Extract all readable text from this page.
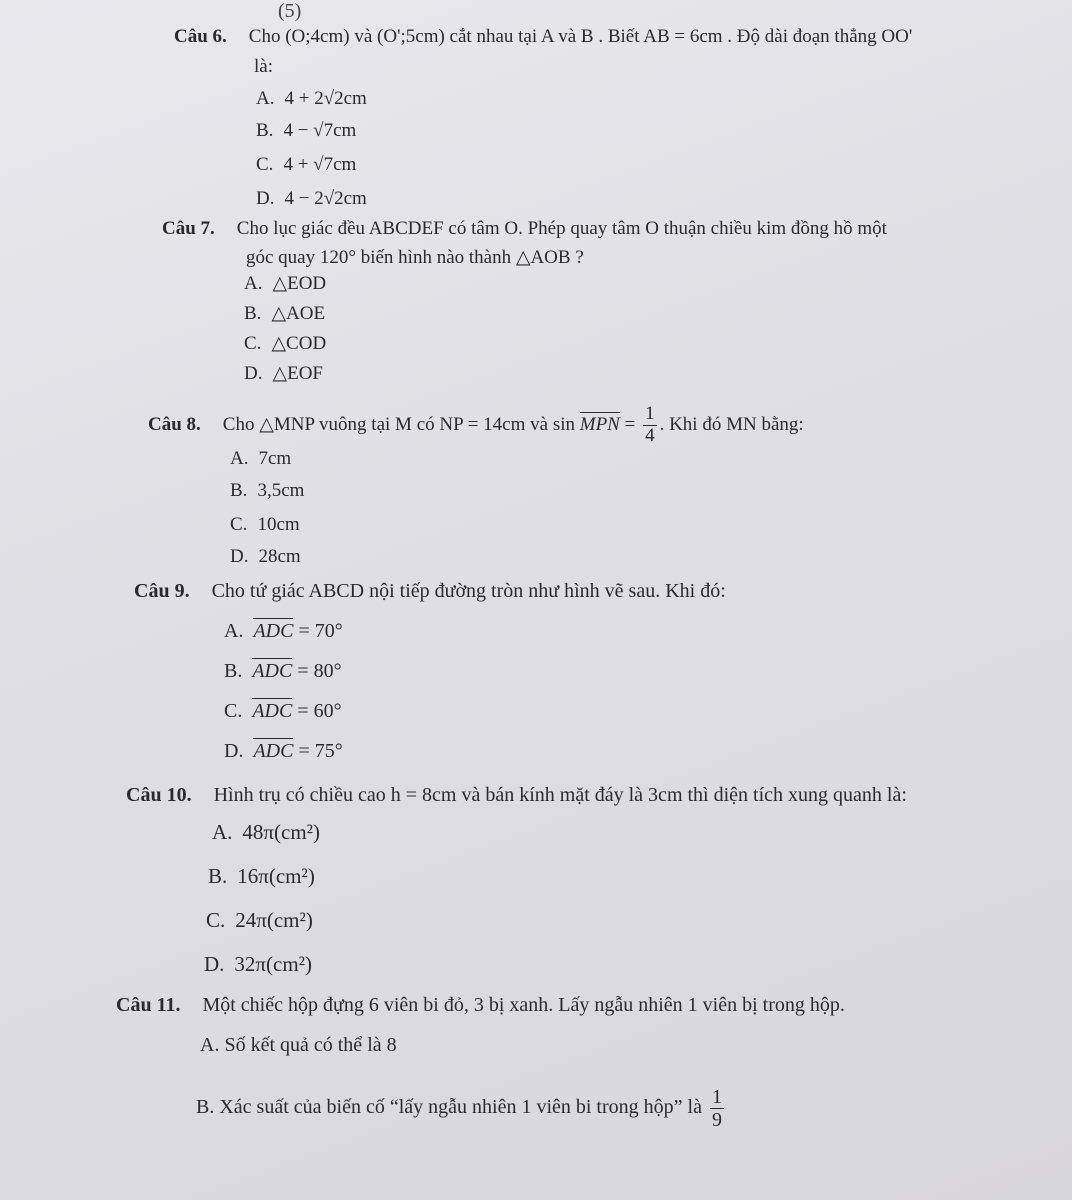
(5)
Câu 6. Cho (O;4cm) và (O';5cm) cắt nhau tại A và B . Biết AB = 6cm . Độ dài đoạn thẳng OO'
là:
A. 4 + 2√2cm
B. 4 − √7cm
C. 4 + √7cm
D. 4 − 2√2cm
Câu 7. Cho lục giác đều ABCDEF có tâm O. Phép quay tâm O thuận chiều kim đồng hồ một
góc quay 120° biến hình nào thành △AOB ?
A. △EOD
B. △AOE
C. △COD
D. △EOF
Câu 8. Cho △MNP vuông tại M có NP = 14cm và sin MPN = $\frac{1}{4}$ . Khi đó MN bằng:
A. 7cm
B. 3,5cm
C. 10cm
D. 28cm
Câu 9. Cho tứ giác ABCD nội tiếp đường tròn như hình vẽ sau. Khi đó:
A. ADC = 70°
B. ADC = 80°
C. ADC = 60°
D. ADC = 75°
Câu 10. Hình trụ có chiều cao h = 8cm và bán kính mặt đáy là 3cm thì diện tích xung quanh là:
A. 48π(cm²)
B. 16π(cm²)
C. 24π(cm²)
D. 32π(cm²)
Câu 11. Một chiếc hộp đựng 6 viên bi đỏ, 3 bị xanh. Lấy ngẫu nhiên 1 viên bị trong hộp.
A. Số kết quả có thể là 8
B. Xác suất của biến cố “lấy ngẫu nhiên 1 viên bi trong hộp” là $\frac{1}{9}$
